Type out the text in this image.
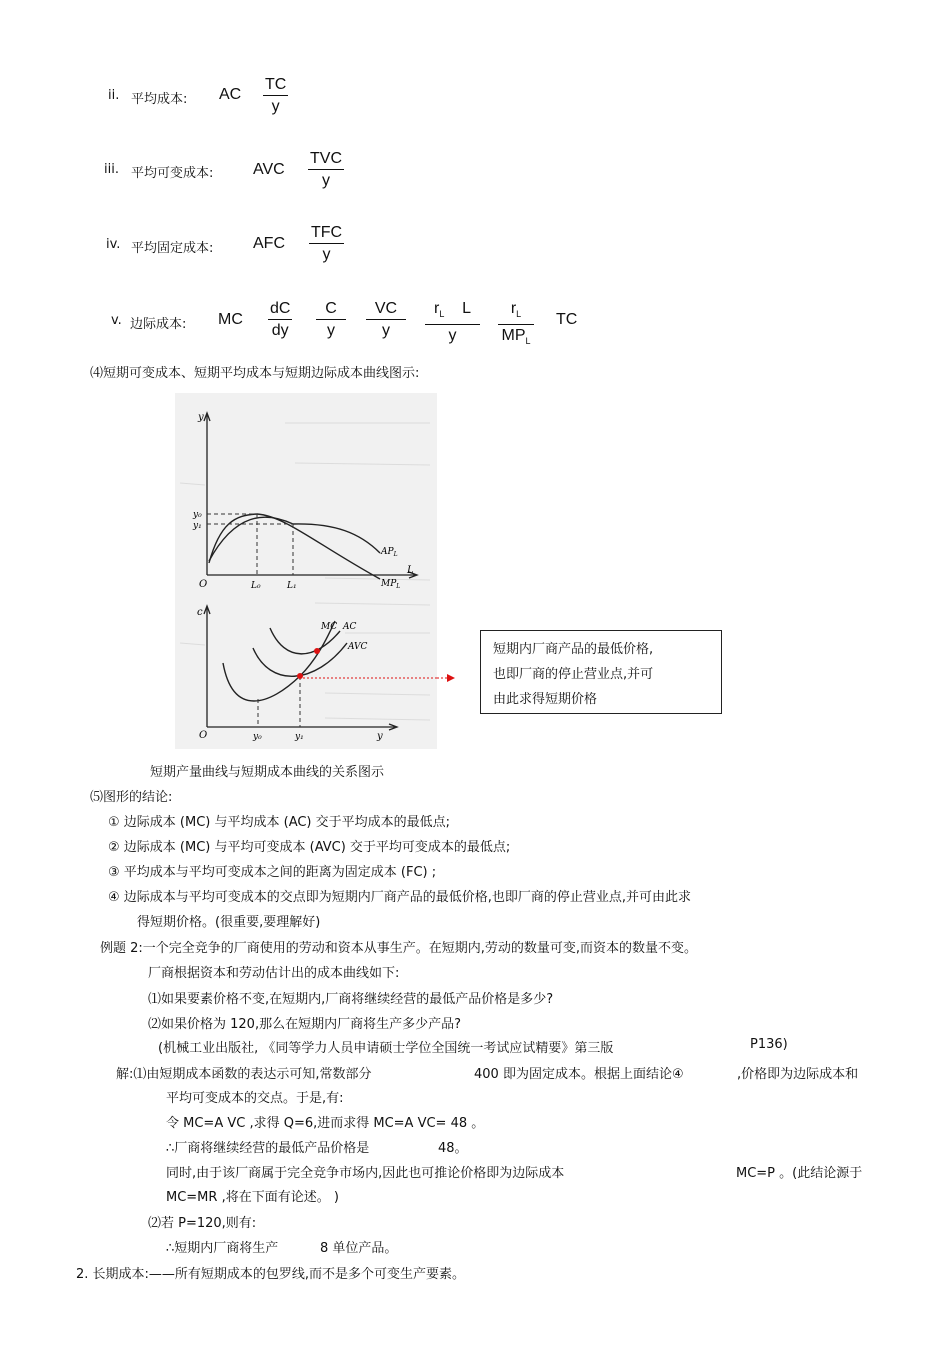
ii. 平均成本: AC
TC
y
iii. 平均可变成本: AVC
TVC
y
iv. 平均固定成本: AFC
TFC
y
v. 边际成本: MC
dC
dy
C
y
VC
y
$r_L$ L
y
$r_L$
$MP_L$
TC
⑷短期可变成本、短期平均成本与短期边际成本曲线图示:
y
y₀
y₁
O	L₀	L₁
L
$AP_L$
$MP_L$
c
MC AC
AVC
O	y₀	y₁	y
短期内厂商产品的最低价格,
也即厂商的停止营业点,并可
由此求得短期价格
短期产量曲线与短期成本曲线的关系图示
⑸图形的结论:
① 边际成本 (MC) 与平均成本 (AC) 交于平均成本的最低点;
② 边际成本 (MC) 与平均可变成本 (AVC) 交于平均可变成本的最低点;
③ 平均成本与平均可变成本之间的距离为固定成本 (FC) ;
④ 边际成本与平均可变成本的交点即为短期内厂商产品的最低价格,也即厂商的停止营业点,并可由此求
得短期价格。(很重要,要理解好)
例题 2:一个完全竞争的厂商使用的劳动和资本从事生产。在短期内,劳动的数量可变,而资本的数量不变。
厂商根据资本和劳动估计出的成本曲线如下:
⑴如果要素价格不变,在短期内,厂商将继续经营的最低产品价格是多少?
⑵如果价格为 120,那么在短期内厂商将生产多少产品?
(机械工业出版社, 《同等学力人员申请硕士学位全国统一考试应试精要》第三版	P136)
解:⑴由短期成本函数的表达示可知,常数部分	400 即为固定成本。根据上面结论④	,价格即为边际成本和
平均可变成本的交点。于是,有:
令 MC=A VC ,求得 Q=6,进而求得 MC=A VC= 48 。
∴厂商将继续经营的最低产品价格是	48。
同时,由于该厂商属于完全竞争市场内,因此也可推论价格即为边际成本	MC=P 。(此结论源于
MC=MR ,将在下面有论述。 )
⑵若 P=120,则有:
∴短期内厂商将生产	8 单位产品。
2. 长期成本:——所有短期成本的包罗线,而不是多个可变生产要素。
